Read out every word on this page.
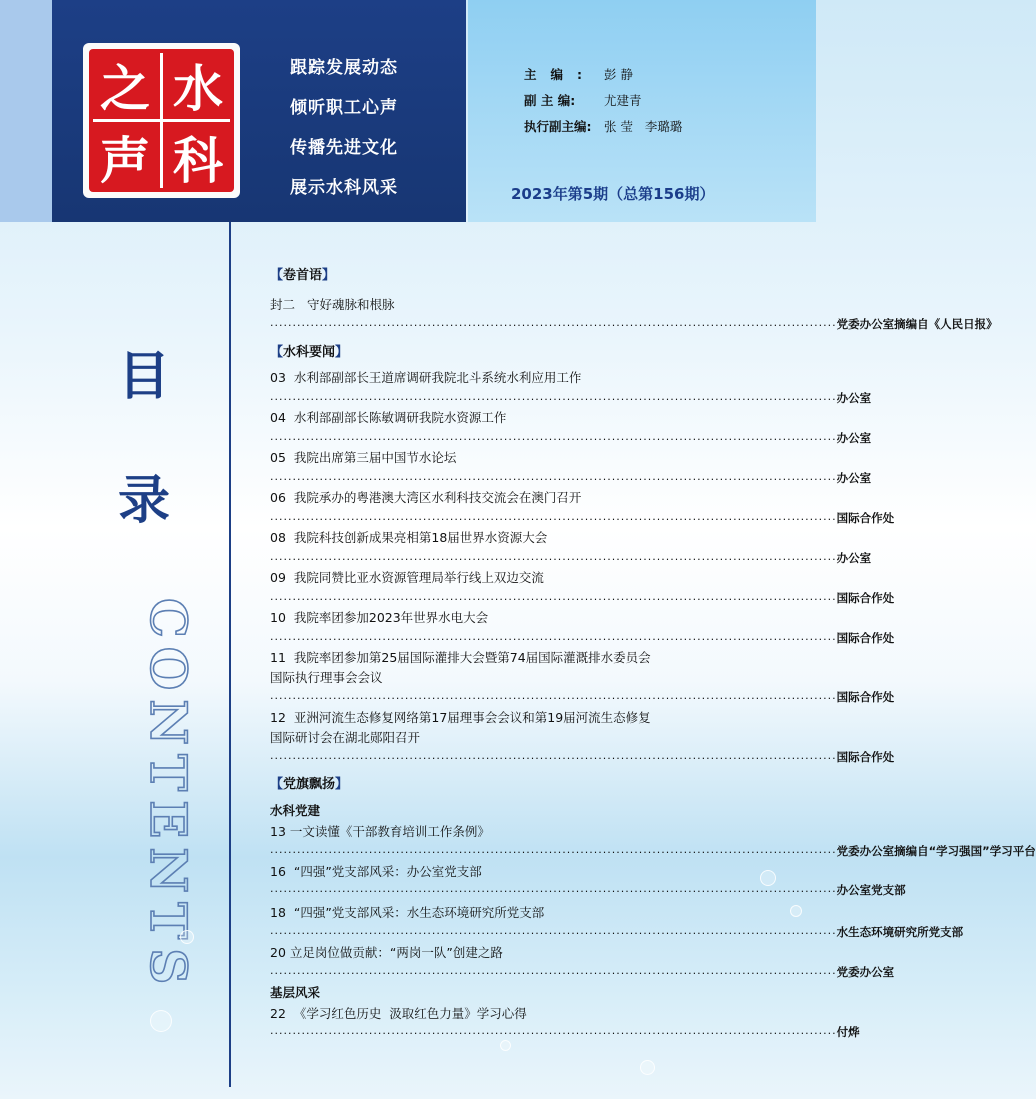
之 水
声 科
跟踪发展动态
倾听职工心声
传播先进文化
展示水科风采
主编: 彭 静
副 主 编: 尤建青
执行副主编: 张 莹   李璐璐
2023年第5期（总第156期）
目
录
CONTENTS
【卷首语】
封二 守好魂脉和根脉
.............................................................................................................................. 党委办公室摘编自《人民日报》
【水科要闻】
03 水利部副部长王道席调研我院北斗系统水利应用工作
.............................................................................................................................. 办公室
04 水利部副部长陈敏调研我院水资源工作
.............................................................................................................................. 办公室
05 我院出席第三届中国节水论坛
.............................................................................................................................. 办公室
06 我院承办的粤港澳大湾区水利科技交流会在澳门召开
.............................................................................................................................. 国际合作处
08 我院科技创新成果亮相第18届世界水资源大会
.............................................................................................................................. 办公室
09 我院同赞比亚水资源管理局举行线上双边交流
.............................................................................................................................. 国际合作处
10 我院率团参加2023年世界水电大会
.............................................................................................................................. 国际合作处
11 我院率团参加第25届国际灌排大会暨第74届国际灌溉排水委员会
国际执行理事会会议
.............................................................................................................................. 国际合作处
12 亚洲河流生态修复网络第17届理事会会议和第19届河流生态修复
国际研讨会在湖北郧阳召开
.............................................................................................................................. 国际合作处
【党旗飘扬】
水科党建
13 一文读懂《干部教育培训工作条例》
.............................................................................................................................. 党委办公室摘编自“学习强国”学习平台
16 “四强”党支部风采：办公室党支部
.............................................................................................................................. 办公室党支部
18 “四强”党支部风采：水生态环境研究所党支部
.............................................................................................................................. 水生态环境研究所党支部
20 立足岗位做贡献：“两岗一队”创建之路
.............................................................................................................................. 党委办公室
基层风采
22 《学习红色历史  汲取红色力量》学习心得
.............................................................................................................................. 付烨
